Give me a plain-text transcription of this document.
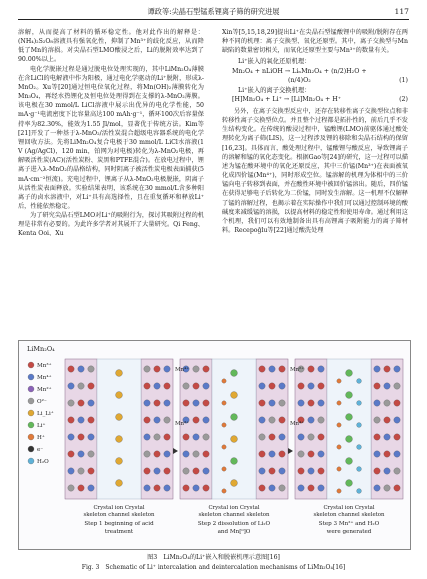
谭政等:尖晶石型锰系锂离子筛的研究进展	117

溶解，从而提高了材料的循环稳定性。他对此作出的解释是：(NH₄)₂S₂O₈溶液具有强氧化性，抑制了Mn³⁺的歧化反应，从而降低了Mn的溶损。对尖晶石型LMO酸浸之后，Li的脱附效率达到了90.00%以上。

电化学脱嵌过程是通过脱电位处理实现的，其中LiMn₂O₄薄膜在含LiCl的电解液中作为阳极，通过电化学驱动的Li⁺脱附，形成λ-MnO₂。Xu等[20]通过恒电位氧化过程，将Mn(OH)₂薄膜转化为Mn₃O₄，再经水热锂化及恒电位处理得到在支撑的λ-MnO₂薄膜。该电极在30 mmol/L LiCl溶液中展示出优异的电化学性能，50 mA·g⁻¹电流密度下比容量高达100 mAh·g⁻¹，循环100次后容量保持率为82.30%，能效为1.55 Jl/mol，显著优于传统方法。Kim等[21]开发了一种基于λ-MnO₂/活性炭混合超级电容器系统的电化学锂回收方法。先将LiMn₂O₄复合电极于30 mmol/L LiCl水溶液(1 V (Ag/AgCl)，120 min，铂网为对电极)转化为λ-MnO₂电极，再解吸活性炭(AC)(活性炭粉、炭黑和PTFE混合)。在放电过程中，锂离子进入λ-MnO₂的晶格结构，同时阴离子被活性炭电极表面捕获(5 mA·cm⁻²恒流)。充电过程中，锂离子从λ-MnO₂电极脱嵌，阴离子从活性炭表面释放。实验结果表明，该系统在30 mmol/L含多种阳离子的卤水溶液中，对Li⁺具有高选择性，且在重复循环和释放Li⁺后，性能依然稳定。

为了研究尖晶石型LMO对Li⁺的吸附行为，探讨其吸附过程的机理是非常有必要的。为此许多学者对其展开了大量研究。Qi Feng、Kenta Ooi、Xu

Xin等[5,15,18,29]提出Li⁺在尖晶石型锰酸锂中的吸附/脱附存在两种不同的机理：离子交换型、氧化还原型。其中，离子交换型与Mn缺陷的数量密切相关，而氧化还原型主要与Mn³⁺的数量有关。

Li⁺嵌入的氧化还原机理：
Mn₂O₄ + nLiOH → LiₙMn₂O₄ + (n/2)H₂O +
(n/4)O₂	(1)
Li⁺嵌入的离子交换机理：
[H]Mn₂O₄ + Li⁺ → [Li]Mn₂O₄ + H⁺	(2)

另外，在离子交换型反应中，还存在转移性离子交换型位点和非转移性离子交换型位点。并且整个过程都是拓扑性的，前后几乎不发生结构变化。在传统的酸浸过程中，锰酸锂(LMO)前驱体通过酸处理转化为离子筛(LIS)，这一过程涉及锂的移除和尖晶石结构的保留[16,23]。具体而言，酸处理过程中，锰酸锂与酸反应，导致锂离子的溶解和锰的氧化态变化。根据Gao等[24]的研究，这一过程可以描述为锰在酸环境中的氧化还原反应，其中三价锰(Mn³⁺)在表面被氧化成四价锰(Mn⁴⁺)，同时形成空位。锰溶解的机理为体相中的三价锰向电子转移到表面，并在酸性环境中被回价锰溶出。随后，四价锰在获得足够电子后转化为二价锰，同时发生溶解。这一机理不仅解释了锰的溶解过程，也揭示着在实际操作中我们可以通过控制环境的酸碱度来减缓锰的溶损，以提高材料的稳定性和使用寿命。通过利用这个机理，我们可以有效地制备出具有高锂离子吸附能力的离子筛材料。Recepoğlu等[22]通过酸洗处理

LiMn₂O₄
Mn³⁺
Mn⁴⁺
Mn²⁺
O²⁻
Li_Li⁺
Li⁺
H⁺
e⁻
H₂O
Crystal ion Crystal
skeleton channel skeleton
Step 1 beginning of acid
treatment
Crystal ion Crystal
skeleton channel skeleton
Step 2 dissolution of Li₂O
and Mn[⁰]O
Crystal ion Crystal
skeleton channel skeleton
Step 3 Mn²⁺ and H₂O
were generated
Mn⁴⁺
Mn³⁺
Mn²⁺
Mn⁴⁺
图3　LiMn₂O₄的Li⁺嵌入和脱嵌机理示意图[16]
Fig. 3　Schematic of Li⁺ intercalation and deintercalation mechanisms of LiMn₂O₄[16]
